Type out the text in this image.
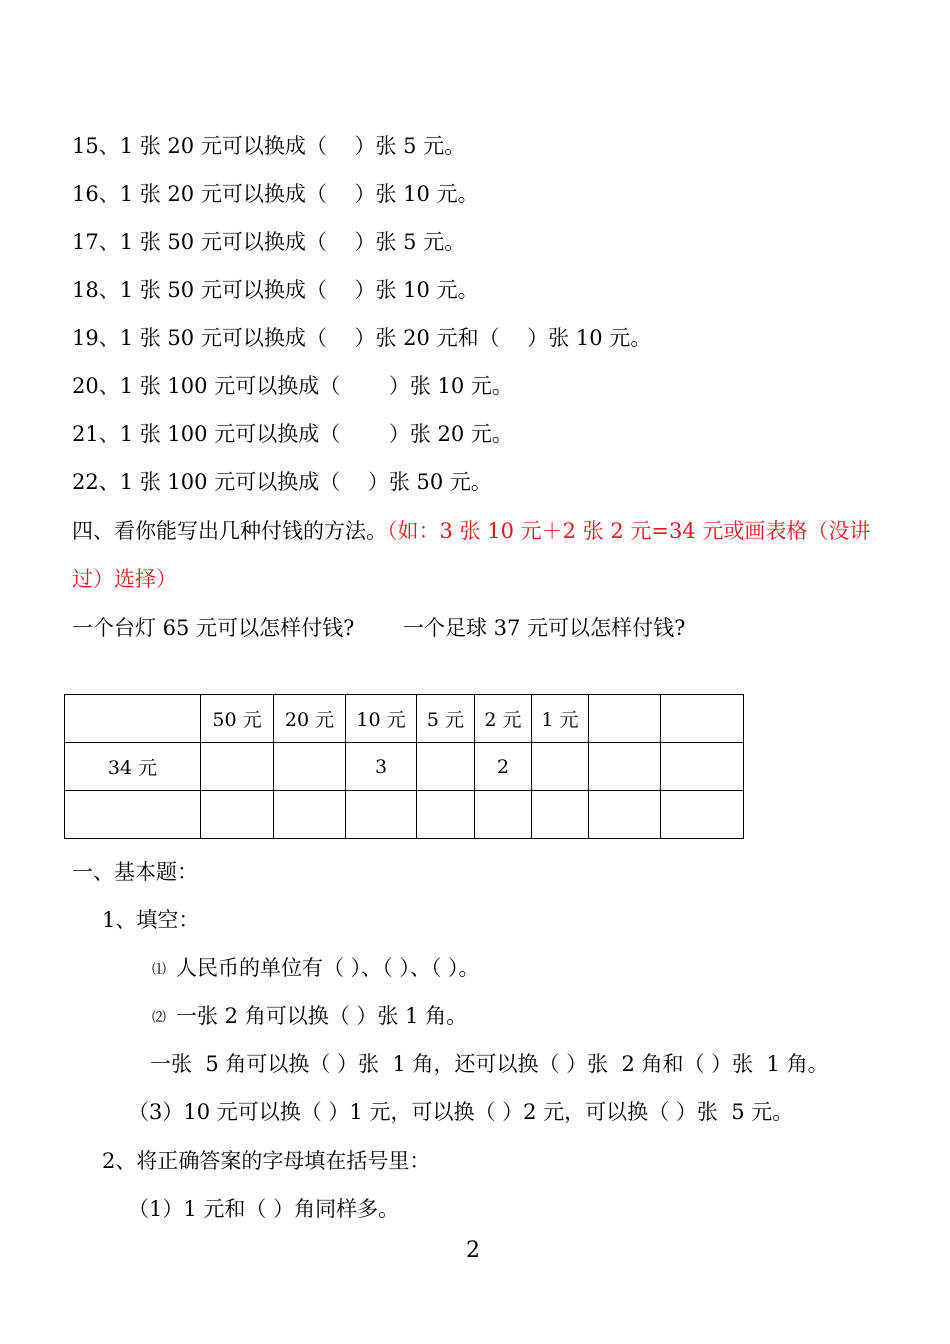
15、1 张 20 元可以换成（　 ）张 5 元。
16、1 张 20 元可以换成（　 ）张 10 元。
17、1 张 50 元可以换成（　 ）张 5 元。
18、1 张 50 元可以换成（　 ）张 10 元。
19、1 张 50 元可以换成（　 ）张 20 元和（　 ）张 10 元。
20、1 张 100 元可以换成（　　 ）张 10 元。
21、1 张 100 元可以换成（　　 ）张 20 元。
22、1 张 100 元可以换成（　 ）张 50 元。
四、看你能写出几种付钱的方法。（如：3 张 10 元＋2 张 2 元=34 元或画表格（没讲
过）选择）
一个台灯 65 元可以怎样付钱?　　 一个足球 37 元可以怎样付钱?
	50 元	20 元	10 元	5 元	2 元	1 元		
34 元			3		2			

一、基本题：
1、填空：
⑴ 人民币的单位有（ ）、（ ）、（ ）。
⑵ 一张 2 角可以换（ ）张 1 角。
一张  5 角可以换（ ）张  1 角，还可以换（ ）张  2 角和（ ）张  1 角。
（3）10 元可以换（ ）1 元，可以换（ ）2 元，可以换（ ）张  5 元。
2、将正确答案的字母填在括号里：
（1）1 元和（ ）角同样多。
2
